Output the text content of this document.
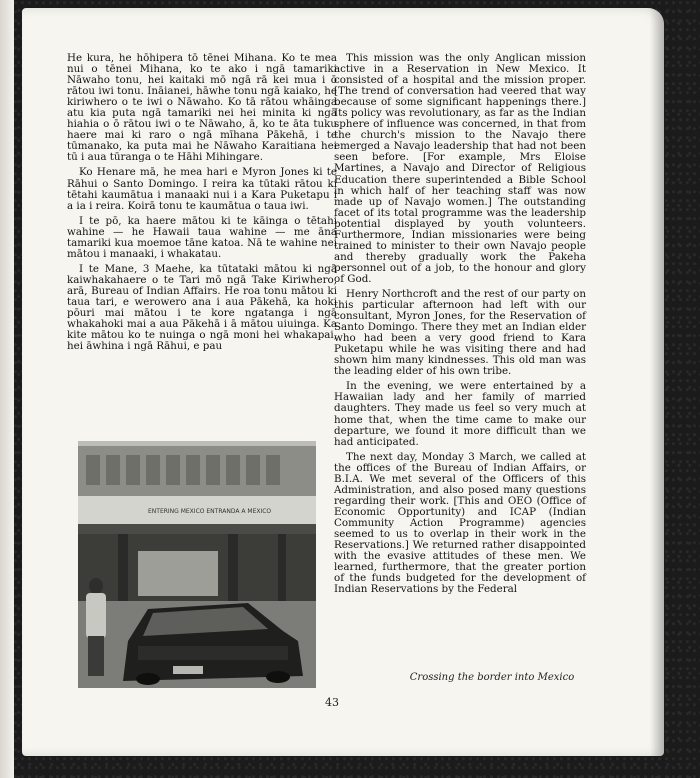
He kura, he hōhipera tō tēnei Mihana. Ko te mea nui o tēnei Mihana, ko te ako i ngā tamariki Nāwaho tonu, hei kaitaki mō ngā rā kei mua i ō rātou iwi tonu. Ināianei, hāwhe tonu ngā kaiako, he kiriwhero o te iwi o Nāwaho. Ko tā rātou whāinga atu kia puta ngā tamariki nei hei minita ki ngā hiahia o ō rātou iwi o te Nāwaho, ā, ko te āta tuku haere mai ki raro o ngā mīhana Pākehā, i te tūmanako, ka puta mai he Nāwaho Karaitiana hei tū i aua tūranga o te Hāhi Mihingare.

Ko Henare mā, he mea hari e Myron Jones ki te Rāhui o Santo Domingo. I reira ka tūtaki rātou ki tētahi kaumātua i manaaki nui i a Kara Puketapu i a ia i reira. Koirā tonu te kaumātua o taua iwi.

I te pō, ka haere mātou ki te kāinga o tētahi wahine — he Hawaii taua wahine — me āna tamariki kua moemoe tāne katoa. Nā te wahine nei mātou i manaaki, i whakatau.

I te Mane, 3 Maehe, ka tūtataki mātou ki ngā kaiwhakahaere o te Tari mō ngā Take Kiriwhero, arā, Bureau of Indian Affairs. He roa tonu mātou ki taua tari, e werowero ana i aua Pākehā, ka hoki pōuri mai mātou i te kore ngatanga i ngā whakahoki mai a aua Pākehā i ā mātou uiuinga. Ka kite mātou ko te nuinga o ngā moni hei whakapai, hei āwhina i ngā Rāhui, e pau

This mission was the only Anglican mission active in a Reservation in New Mexico. It consisted of a hospital and the mission proper. [The trend of conversation had veered that way because of some significant happenings there.] Its policy was revolutionary, as far as the Indian sphere of influence was concerned, in that from the church's mission to the Navajo there emerged a Navajo leadership that had not been seen before. [For example, Mrs Eloise Martines, a Navajo and Director of Religious Education there superintended a Bible School in which half of her teaching staff was now made up of Navajo women.] The outstanding facet of its total programme was the leadership potential displayed by youth volunteers. Furthermore, Indian missionaries were being trained to minister to their own Navajo people and thereby gradually work the Pakeha personnel out of a job, to the honour and glory of God.

Henry Northcroft and the rest of our party on this particular afternoon had left with our consultant, Myron Jones, for the Reservation of Santo Domingo. There they met an Indian elder who had been a very good friend to Kara Puketapu while he was visiting there and had shown him many kindnesses. This old man was the leading elder of his own tribe.

In the evening, we were entertained by a Hawaiian lady and her family of married daughters. They made us feel so very much at home that, when the time came to make our departure, we found it more difficult than we had anticipated.

The next day, Monday 3 March, we called at the offices of the Bureau of Indian Affairs, or B.I.A. We met several of the Officers of this Administration, and also posed many questions regarding their work. [This and OEO (Office of Economic Opportunity) and ICAP (Indian Community Action Programme) agencies seemed to us to overlap in their work in the Reservations.] We returned rather disappointed with the evasive attitudes of these men. We learned, furthermore, that the greater portion of the funds budgeted for the development of Indian Reservations by the Federal

ENTERING MEXICO ENTRANDA A MEXICO
Crossing the border into Mexico
43
